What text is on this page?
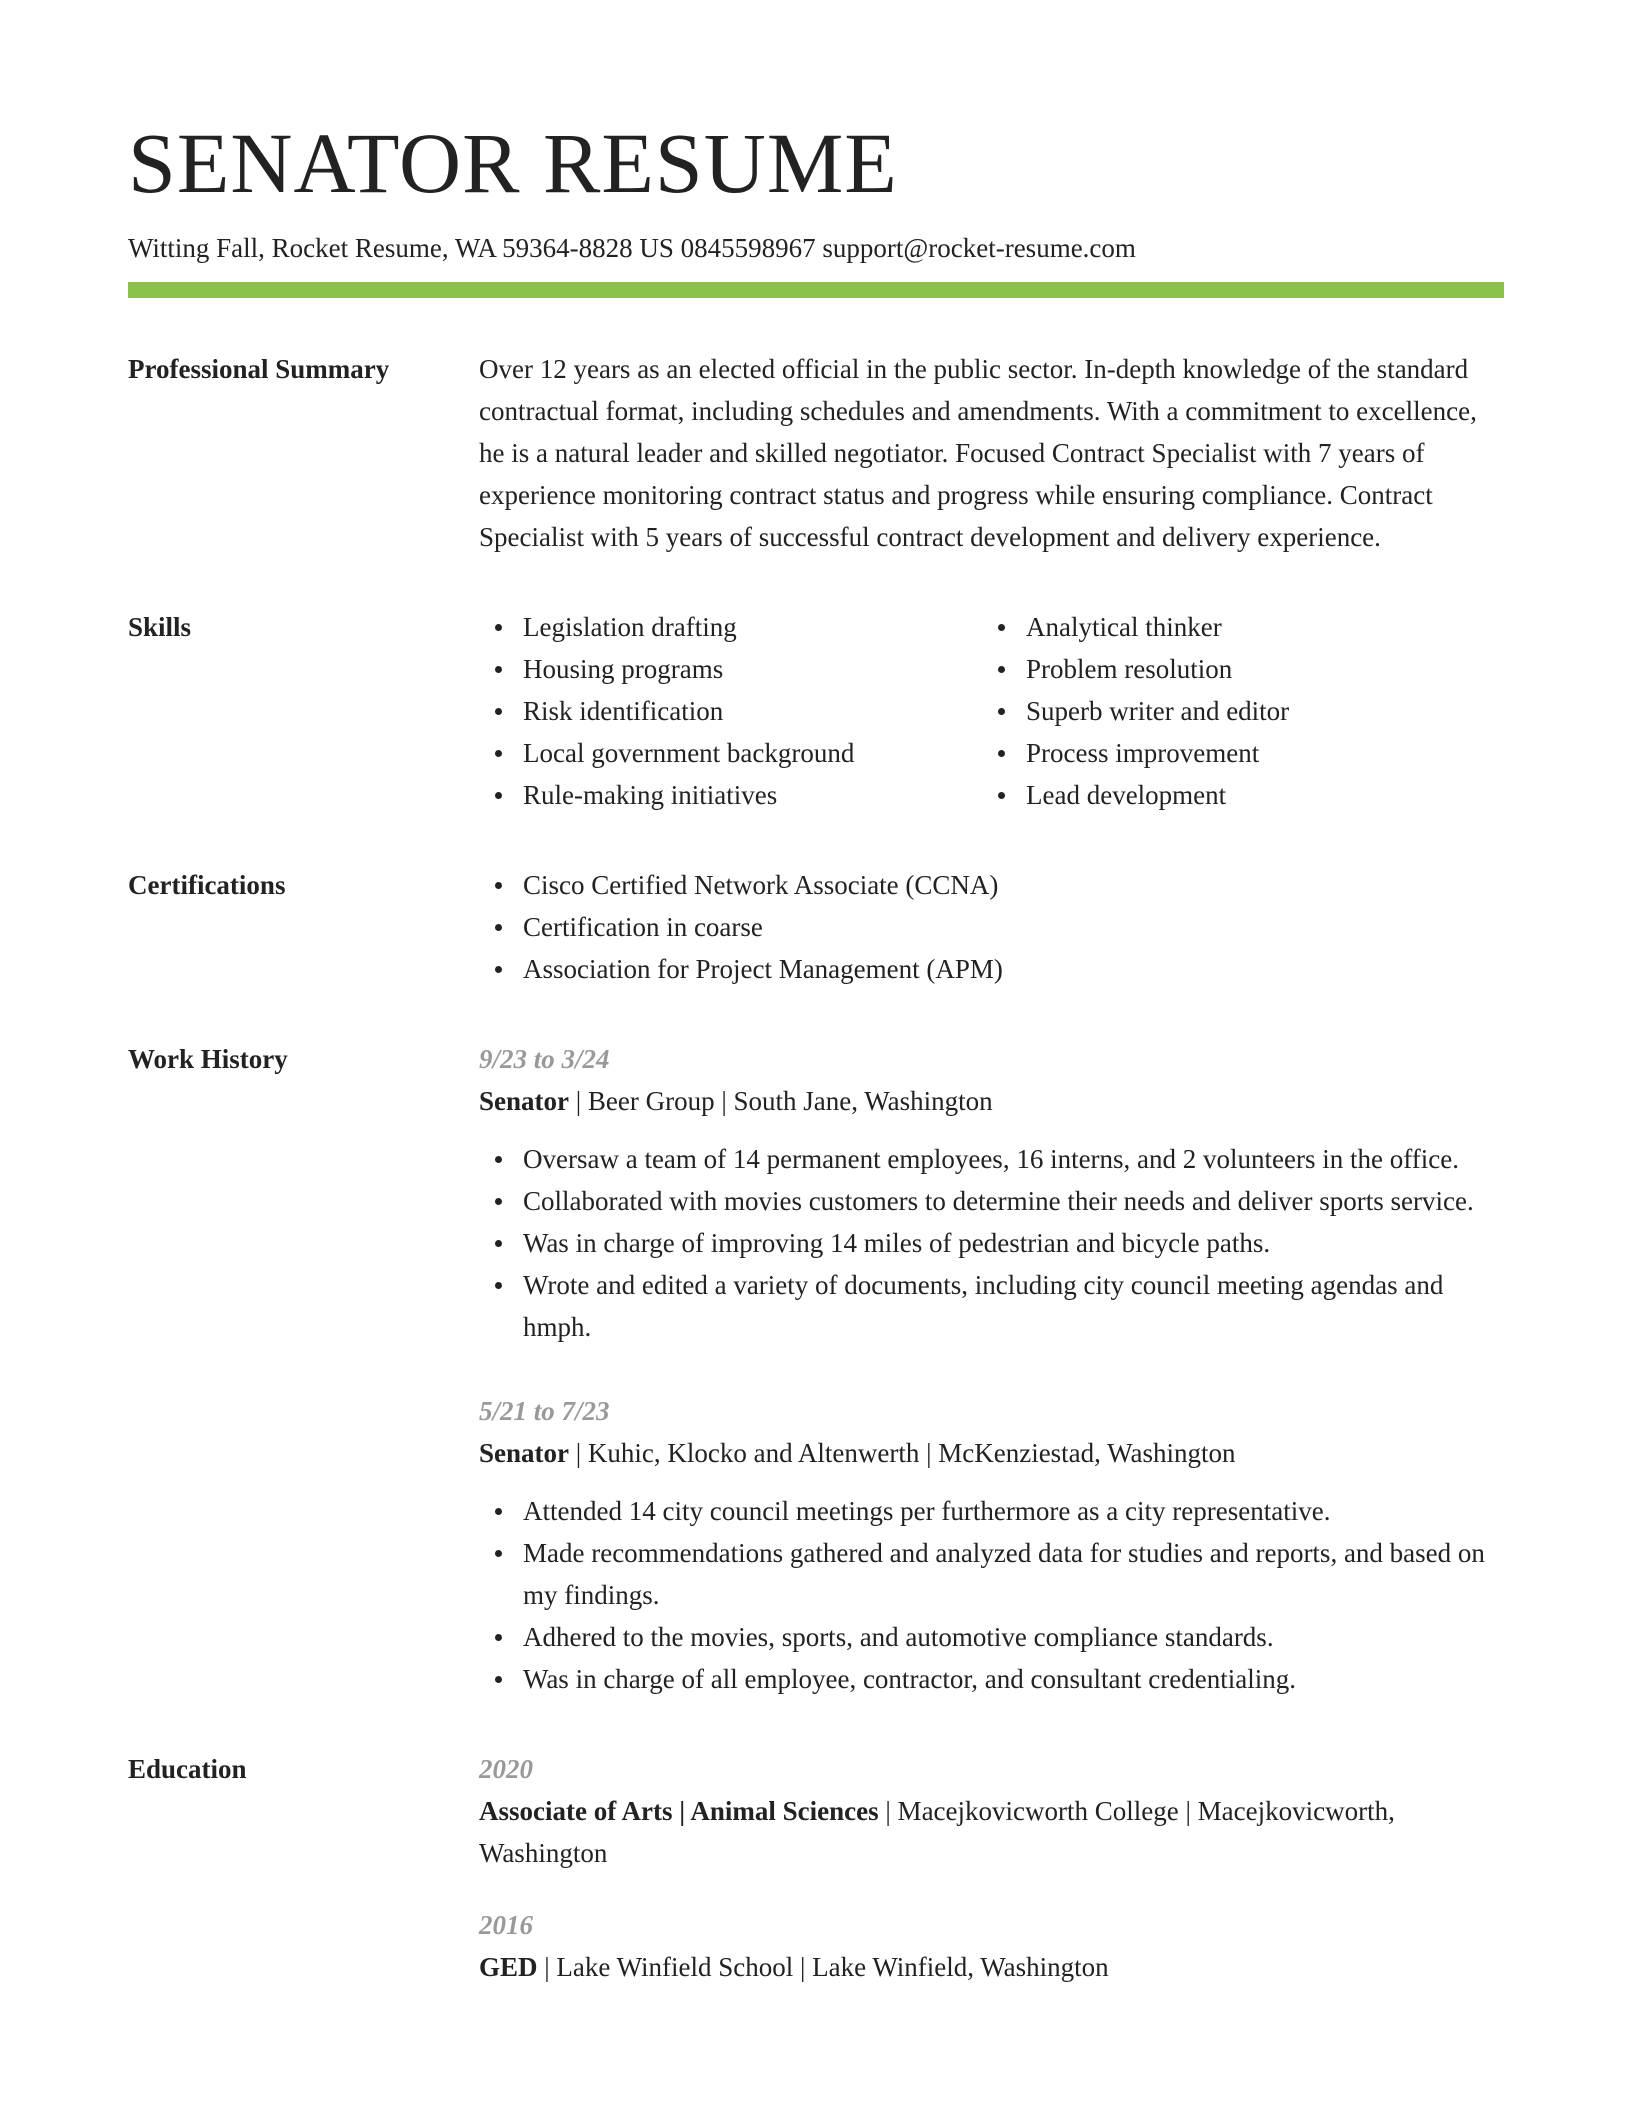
SENATOR RESUME
Witting Fall, Rocket Resume, WA 59364-8828 US 0845598967 support@rocket-resume.com
Professional Summary	Over 12 years as an elected official in the public sector. In-depth knowledge of the standard contractual format, including schedules and amendments. With a commitment to excellence, he is a natural leader and skilled negotiator. Focused Contract Specialist with 7 years of experience monitoring contract status and progress while ensuring compliance. Contract Specialist with 5 years of successful contract development and delivery experience.
Skills	Legislation drafting
Housing programs
Risk identification
Local government background
Rule-making initiatives
Analytical thinker
Problem resolution
Superb writer and editor
Process improvement
Lead development
Certifications	Cisco Certified Network Associate (CCNA)
Certification in coarse
Association for Project Management (APM)
Work History	9/23 to 3/24
Senator | Beer Group | South Jane, Washington
Oversaw a team of 14 permanent employees, 16 interns, and 2 volunteers in the office.
Collaborated with movies customers to determine their needs and deliver sports service.
Was in charge of improving 14 miles of pedestrian and bicycle paths.
Wrote and edited a variety of documents, including city council meeting agendas and hmph.
5/21 to 7/23
Senator | Kuhic, Klocko and Altenwerth | McKenziestad, Washington
Attended 14 city council meetings per furthermore as a city representative.
Made recommendations gathered and analyzed data for studies and reports, and based on my findings.
Adhered to the movies, sports, and automotive compliance standards.
Was in charge of all employee, contractor, and consultant credentialing.
Education	2020
Associate of Arts | Animal Sciences | Macejkovicworth College | Macejkovicworth, Washington
2016
GED | Lake Winfield School | Lake Winfield, Washington
